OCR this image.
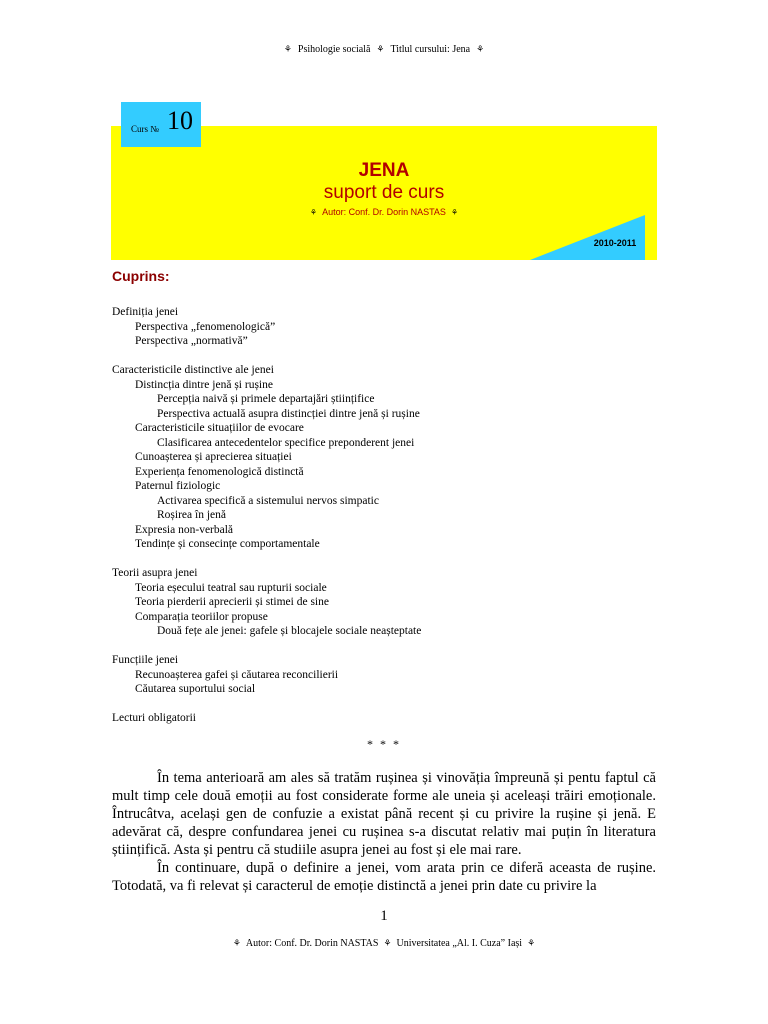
⚘ Psihologie socială ⚘ Titlul cursului: Jena ⚘
Curs № 10
2010-2011
JENA
suport de curs
⚘ Autor: Conf. Dr. Dorin NASTAS ⚘
Cuprins:
Definiția jenei
Perspectiva „fenomenologică”
Perspectiva „normativă”
Caracteristicile distinctive ale jenei
Distincția dintre jenă și rușine
Percepția naivă și primele departajări științifice
Perspectiva actuală asupra distincției dintre jenă și rușine
Caracteristicile situațiilor de evocare
Clasificarea antecedentelor specifice preponderent jenei
Cunoașterea și aprecierea situației
Experiența fenomenologică distinctă
Paternul fiziologic
Activarea specifică a sistemului nervos simpatic
Roșirea în jenă
Expresia non-verbală
Tendințe și consecințe comportamentale
Teorii asupra jenei
Teoria eșecului teatral sau rupturii sociale
Teoria pierderii aprecierii și stimei de sine
Comparația teoriilor propuse
Două fețe ale jenei: gafele și blocajele sociale neașteptate
Funcțiile jenei
Recunoașterea gafei și căutarea reconcilierii
Căutarea suportului social
Lecturi obligatorii
* * *

În tema anterioară am ales să tratăm rușinea și vinovăția împreună și pentu faptul că mult timp cele două emoții au fost considerate forme ale uneia și aceleași trăiri emoționale. Întrucâtva, același gen de confuzie a existat până recent și cu privire la rușine și jenă. E adevărat că, despre confundarea jenei cu rușinea s-a discutat relativ mai puțin în literatura științifică. Asta și pentru că studiile asupra jenei au fost și ele mai rare.

În continuare, după o definire a jenei, vom arata prin ce diferă aceasta de rușine. Totodată, va fi relevat și caracterul de emoție distinctă a jenei prin date cu privire la

1
⚘ Autor: Conf. Dr. Dorin NASTAS ⚘ Universitatea „Al. I. Cuza” Iași ⚘
